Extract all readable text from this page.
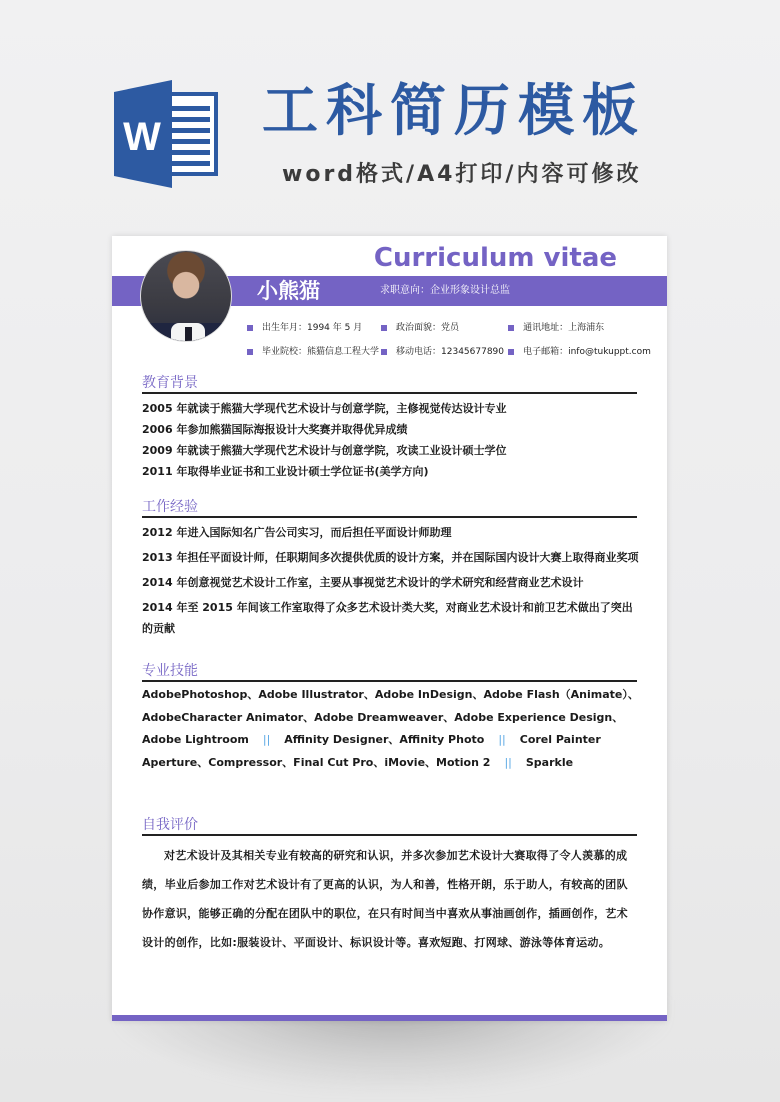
W 工科简历模板
word格式/A4打印/内容可修改
Curriculum vitae
小熊猫	求职意向：企业形象设计总监
出生年月：1994 年 5 月	政治面貌：党员	通讯地址：上海浦东
毕业院校：熊猫信息工程大学 移动电话：12345677890 电子邮箱：info@tukuppt.com
教育背景
2005 年就读于熊猫大学现代艺术设计与创意学院，主修视觉传达设计专业
2006 年参加熊猫国际海报设计大奖赛并取得优异成绩
2009 年就读于熊猫大学现代艺术设计与创意学院，攻读工业设计硕士学位
2011 年取得毕业证书和工业设计硕士学位证书(美学方向)
工作经验
2012 年进入国际知名广告公司实习，而后担任平面设计师助理
2013 年担任平面设计师，任职期间多次提供优质的设计方案，并在国际国内设计大赛上取得商业奖项
2014 年创意视觉艺术设计工作室，主要从事视觉艺术设计的学术研究和经营商业艺术设计
2014 年至 2015 年间该工作室取得了众多艺术设计类大奖，对商业艺术设计和前卫艺术做出了突出的贡献
专业技能
AdobePhotoshop、Adobe Illustrator、Adobe InDesign、Adobe Flash（Animate）、
AdobeCharacter Animator、Adobe Dreamweaver、Adobe Experience Design、
Adobe Lightroom || Affinity Designer、Affinity Photo || Corel Painter
Aperture、Compressor、Final Cut Pro、iMovie、Motion 2 || Sparkle
自我评价
对艺术设计及其相关专业有较高的研究和认识，并多次参加艺术设计大赛取得了令人羡慕的成绩，毕业后参加工作对艺术设计有了更高的认识，为人和善，性格开朗，乐于助人，有较高的团队协作意识，能够正确的分配在团队中的职位，在只有时间当中喜欢从事油画创作，插画创作，艺术设计的创作，比如:服装设计、平面设计、标识设计等。喜欢短跑、打网球、游泳等体育运动。
